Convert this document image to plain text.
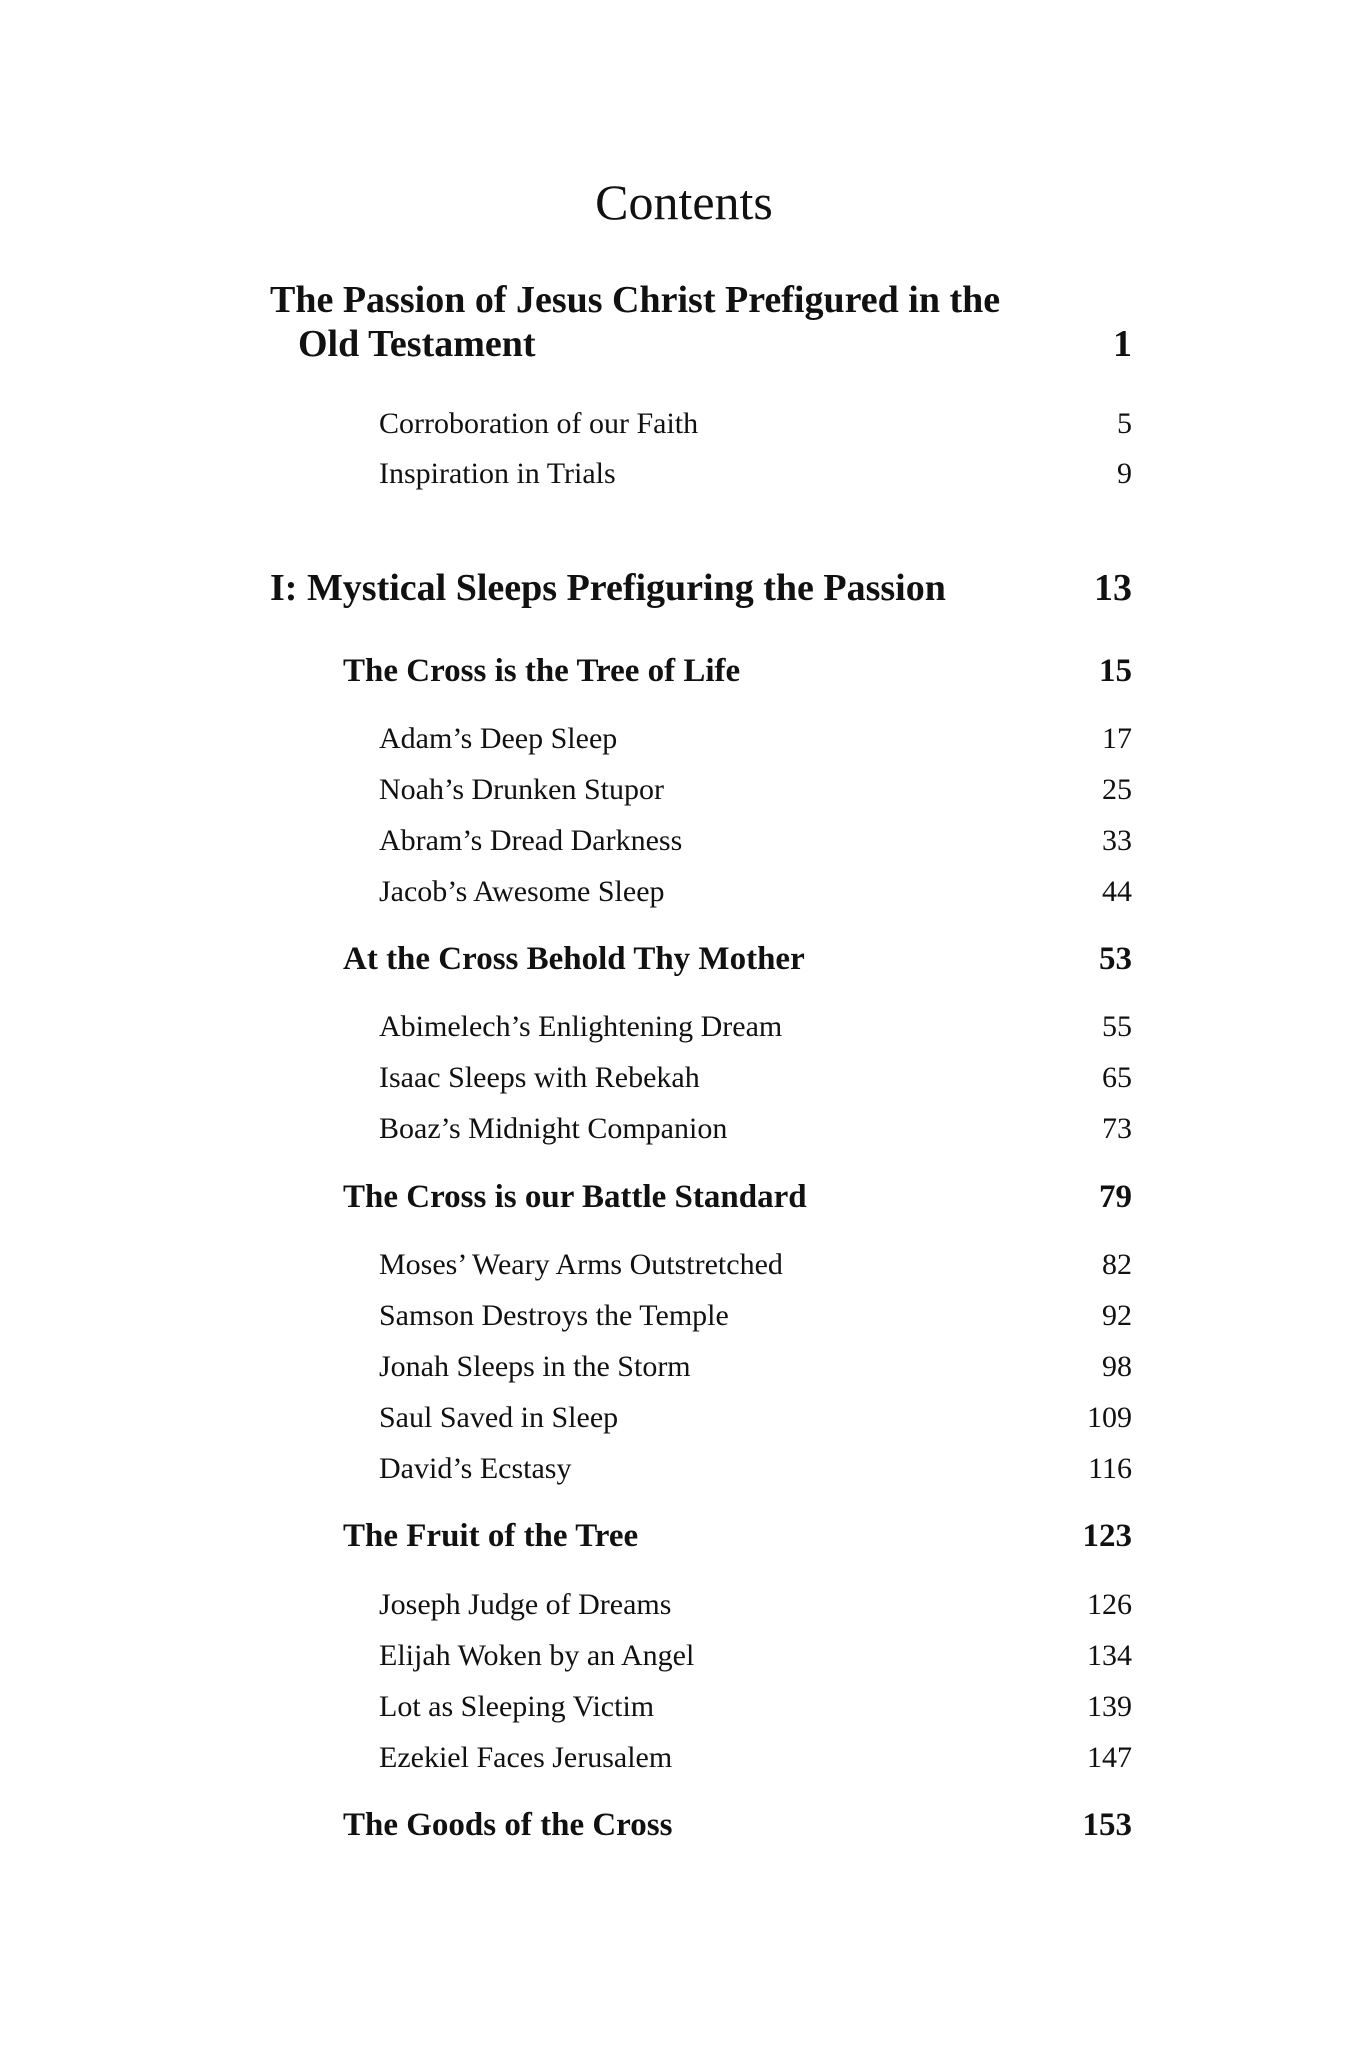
Contents
The Passion of Jesus Christ Prefigured in the
Old Testament	1
Corroboration of our Faith	5
Inspiration in Trials	9
I: Mystical Sleeps Prefiguring the Passion	13
The Cross is the Tree of Life	15
Adam’s Deep Sleep	17
Noah’s Drunken Stupor	25
Abram’s Dread Darkness	33
Jacob’s Awesome Sleep	44
At the Cross Behold Thy Mother	53
Abimelech’s Enlightening Dream	55
Isaac Sleeps with Rebekah	65
Boaz’s Midnight Companion	73
The Cross is our Battle Standard	79
Moses’ Weary Arms Outstretched	82
Samson Destroys the Temple	92
Jonah Sleeps in the Storm	98
Saul Saved in Sleep	109
David’s Ecstasy	116
The Fruit of the Tree	123
Joseph Judge of Dreams	126
Elijah Woken by an Angel	134
Lot as Sleeping Victim	139
Ezekiel Faces Jerusalem	147
The Goods of the Cross	153
